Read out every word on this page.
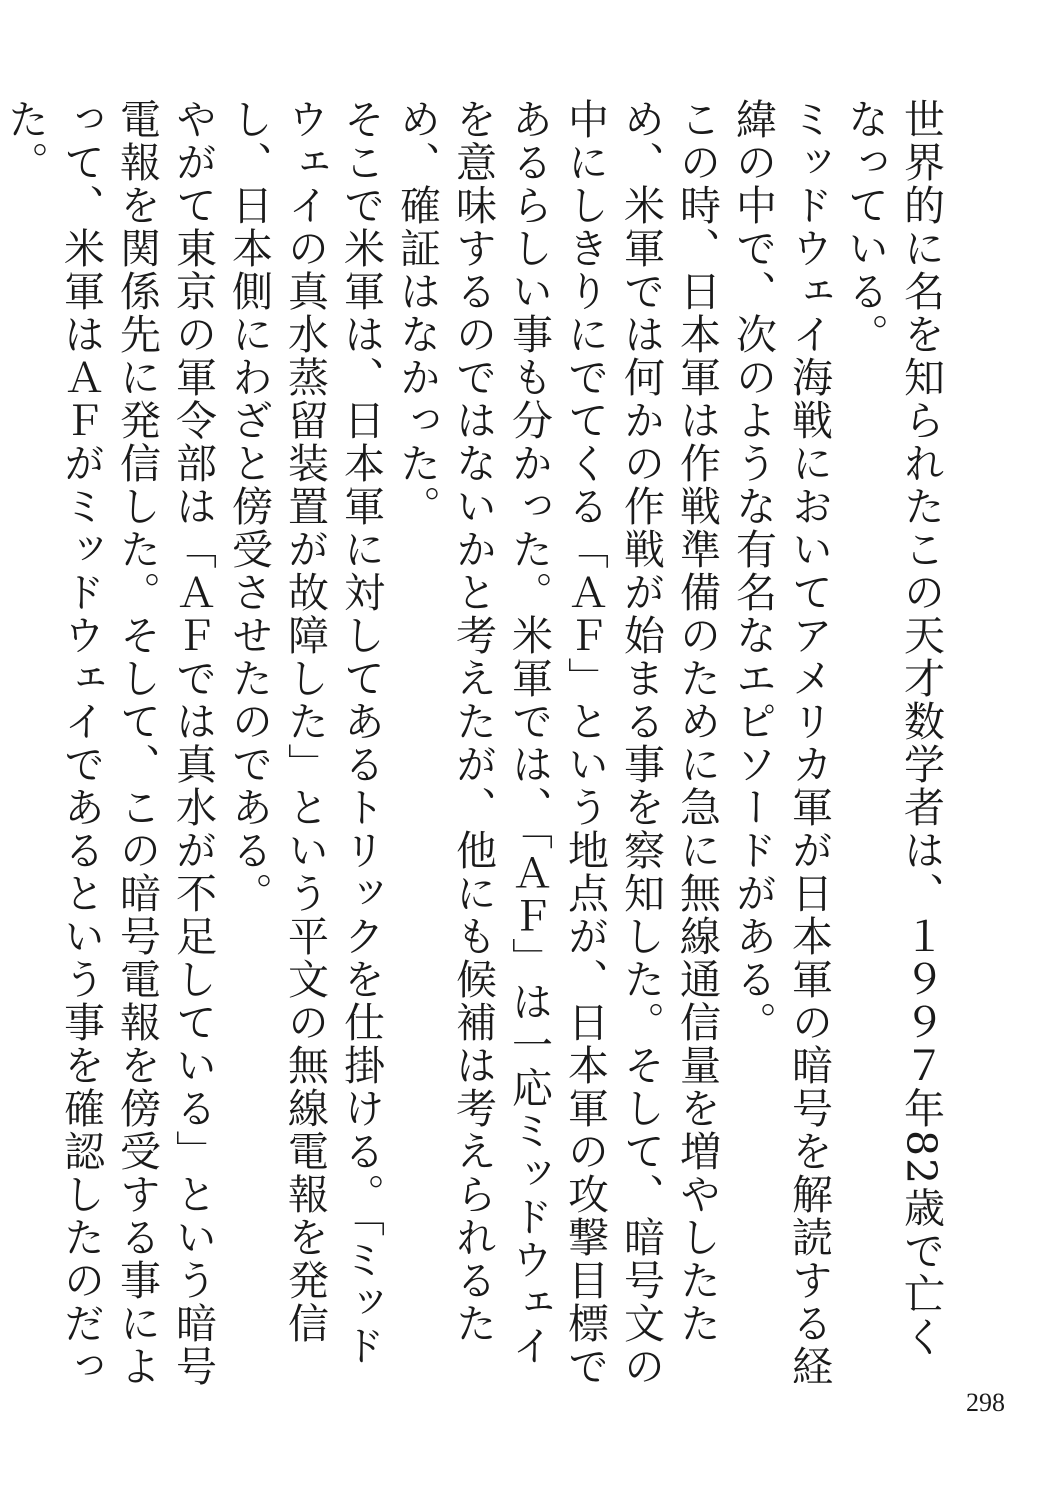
世界的に名を知られたこの天才数学者は、１９９７年82歳で亡くなっている。

ミッドウェイ海戦においてアメリカ軍が日本軍の暗号を解読する経緯の中で、次のような有名なエピソードがある。

この時、日本軍は作戦準備のために急に無線通信量を増やしたため、米軍では何かの作戦が始まる事を察知した。そして、暗号文の中にしきりにでてくる「ＡＦ」という地点が、日本軍の攻撃目標であるらしい事も分かった。米軍では、「ＡＦ」は一応ミッドウェイを意味するのではないかと考えたが、他にも候補は考えられるため、確証はなかった。

そこで米軍は、日本軍に対してあるトリックを仕掛ける。「ミッドウェイの真水蒸留装置が故障した」という平文の無線電報を発信し、日本側にわざと傍受させたのである。

やがて東京の軍令部は「ＡＦでは真水が不足している」という暗号電報を関係先に発信した。そして、この暗号電報を傍受する事によって、米軍はＡＦがミッドウェイであるという事を確認したのだった。

298
